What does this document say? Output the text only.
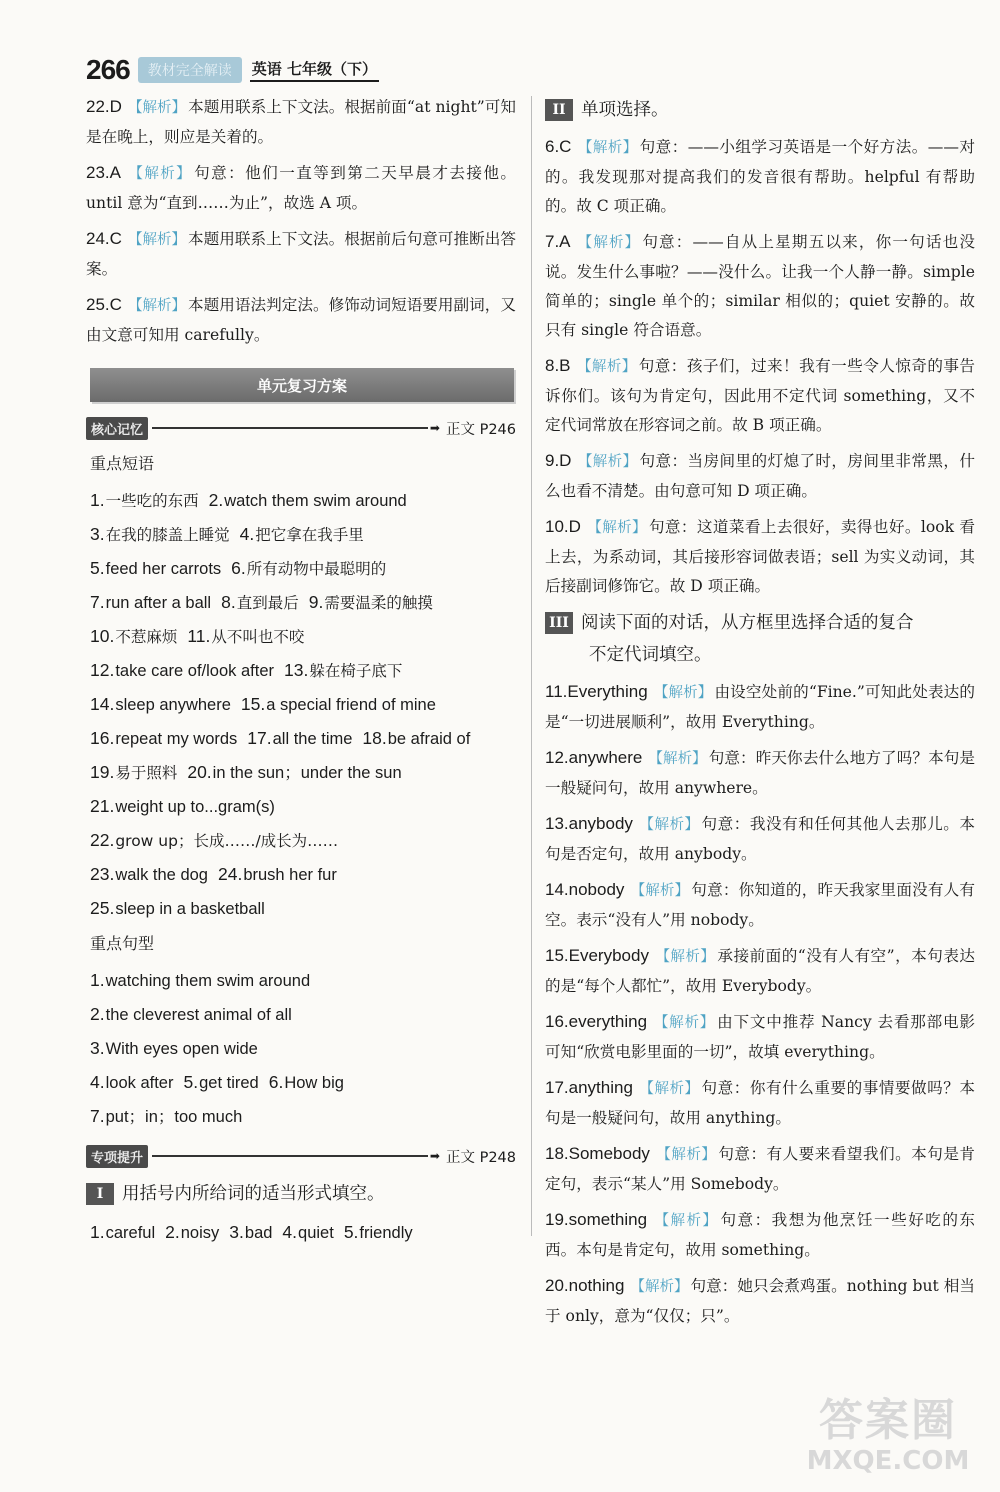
266	教材完全解读	英语 七年级（下）
22.D 【解析】 本题用联系上下文法。根据前面“at night”可知是在晚上，则应是关着的。
23.A 【解析】 句意：他们一直等到第二天早晨才去接他。until 意为“直到……为止”，故选 A 项。
24.C 【解析】 本题用联系上下文法。根据前后句意可推断出答案。
25.C 【解析】 本题用语法判定法。修饰动词短语要用副词，又由文意可知用 carefully。
单元复习方案
核心记忆	➡ 正文 P246
重点短语
1.一些吃的东西 2.watch them swim around
3.在我的膝盖上睡觉 4.把它拿在我手里
5.feed her carrots 6.所有动物中最聪明的
7.run after a ball 8.直到最后 9.需要温柔的触摸
10.不惹麻烦 11.从不叫也不咬
12.take care of/look after 13.躲在椅子底下
14.sleep anywhere 15.a special friend of mine
16.repeat my words 17.all the time 18.be afraid of
19.易于照料 20.in the sun；under the sun
21.weight up to...gram(s)
22.grow up；长成……/成长为……
23.walk the dog 24.brush her fur
25.sleep in a basketball
重点句型
1.watching them swim around
2.the cleverest animal of all
3.With eyes open wide
4.look after 5.get tired 6.How big
7.put；in；too much
专项提升	➡ 正文 P248
I 用括号内所给词的适当形式填空。
1.careful 2.noisy 3.bad 4.quiet 5.friendly
II 单项选择。
6.C 【解析】 句意：——小组学习英语是一个好方法。——对的。我发现那对提高我们的发音很有帮助。helpful 有帮助的。故 C 项正确。
7.A 【解析】 句意：——自从上星期五以来，你一句话也没说。发生什么事啦？——没什么。让我一个人静一静。simple 简单的；single 单个的；similar 相似的；quiet 安静的。故只有 single 符合语意。
8.B 【解析】 句意：孩子们，过来！我有一些令人惊奇的事告诉你们。该句为肯定句，因此用不定代词 something，又不定代词常放在形容词之前。故 B 项正确。
9.D 【解析】 句意：当房间里的灯熄了时，房间里非常黑，什么也看不清楚。由句意可知 D 项正确。
10.D 【解析】 句意：这道菜看上去很好，卖得也好。look 看上去，为系动词，其后接形容词做表语；sell 为实义动词，其后接副词修饰它。故 D 项正确。
III 阅读下面的对话，从方框里选择合适的复合
不定代词填空。
11.Everything 【解析】 由设空处前的“Fine.”可知此处表达的是“一切进展顺利”，故用 Everything。
12.anywhere 【解析】 句意：昨天你去什么地方了吗？本句是一般疑问句，故用 anywhere。
13.anybody 【解析】 句意：我没有和任何其他人去那儿。本句是否定句，故用 anybody。
14.nobody 【解析】 句意：你知道的，昨天我家里面没有人有空。表示“没有人”用 nobody。
15.Everybody 【解析】 承接前面的“没有人有空”，本句表达的是“每个人都忙”，故用 Everybody。
16.everything 【解析】 由下文中推荐 Nancy 去看那部电影可知“欣赏电影里面的一切”，故填 everything。
17.anything 【解析】 句意：你有什么重要的事情要做吗？本句是一般疑问句，故用 anything。
18.Somebody 【解析】 句意：有人要来看望我们。本句是肯定句，表示“某人”用 Somebody。
19.something 【解析】 句意：我想为他烹饪一些好吃的东西。本句是肯定句，故用 something。
20.nothing 【解析】 句意：她只会煮鸡蛋。nothing but 相当于 only，意为“仅仅；只”。
答案圈
MXQE.COM
